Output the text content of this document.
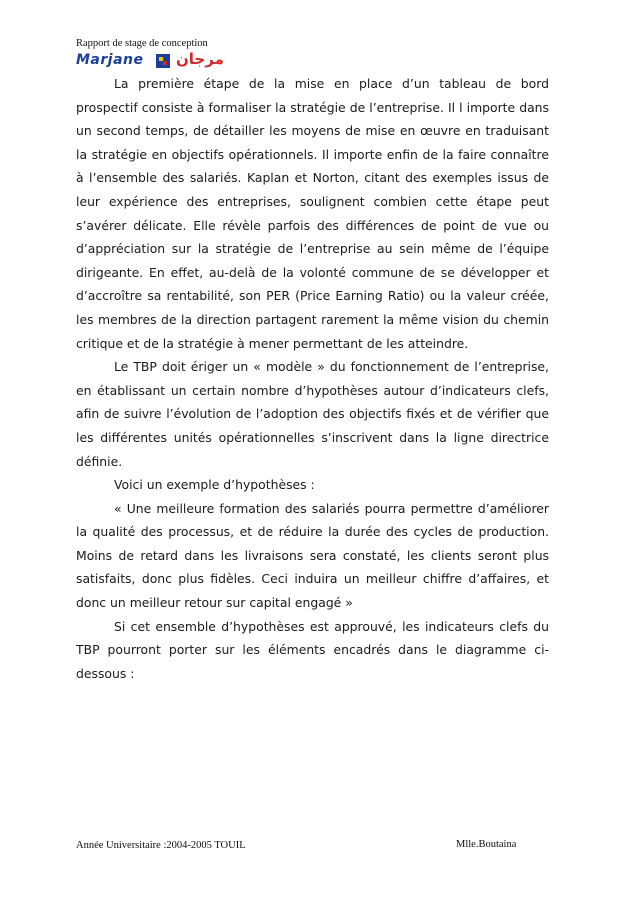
Rapport de stage de conception
Marjane مرجان

La première étape de la mise en place d’un tableau de bord prospectif consiste à formaliser la stratégie de l’entreprise. Il l importe dans un second temps, de détailler les moyens de mise en œuvre en traduisant la stratégie en objectifs opérationnels. Il importe enfin de la faire connaître à l’ensemble des salariés. Kaplan et Norton, citant des exemples issus de leur expérience des entreprises, soulignent combien cette étape peut s’avérer délicate. Elle révèle parfois des différences de point de vue ou d’appréciation sur la stratégie de l’entreprise au sein même de l’équipe dirigeante. En effet, au-delà de la volonté commune de se développer et d’accroître sa rentabilité, son PER (Price Earning Ratio) ou la valeur créée, les membres de la direction partagent rarement la même vision du chemin critique et de la stratégie à mener permettant de les atteindre.

Le TBP doit ériger un « modèle » du fonctionnement de l’entreprise, en établissant un certain nombre d’hypothèses autour d’indicateurs clefs, afin de suivre l’évolution de l’adoption des objectifs fixés et de vérifier que les différentes unités opérationnelles s’inscrivent dans la ligne directrice définie.

Voici un exemple d’hypothèses :

« Une meilleure formation des salariés pourra permettre d’améliorer la qualité des processus, et de réduire la durée des cycles de production. Moins de retard dans les livraisons sera constaté, les clients seront plus satisfaits, donc plus fidèles. Ceci induira un meilleur chiffre d’affaires, et donc un meilleur retour sur capital engagé »

Si cet ensemble d’hypothèses est approuvé, les indicateurs clefs du TBP pourront porter sur les éléments encadrés dans le diagramme ci-dessous :

Année Universitaire :2004-2005 TOUIL	Mlle.Boutaina
